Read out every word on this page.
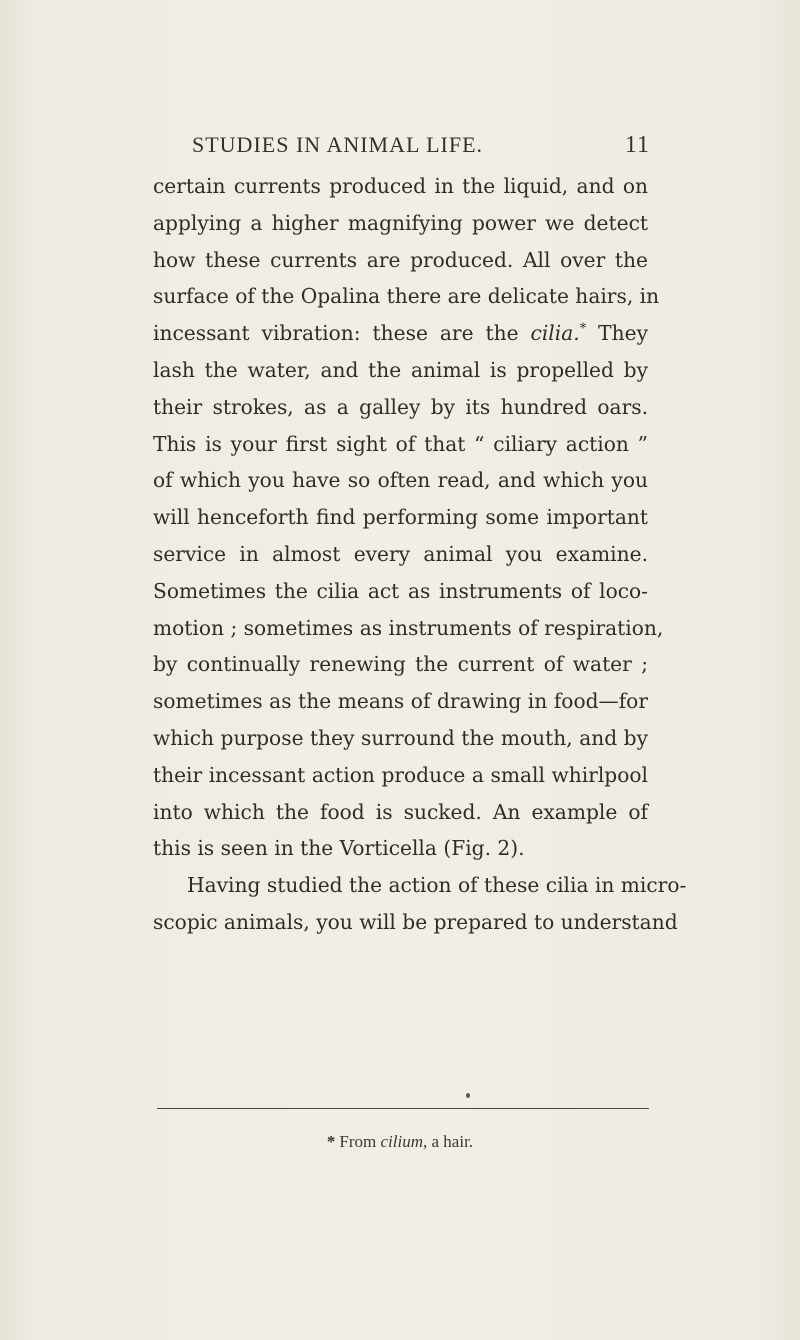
STUDIES IN ANIMAL LIFE.	11
certain currents produced in the liquid, and on
applying a higher magnifying power we detect
how these currents are produced. All over the
surface of the Opalina there are delicate hairs, in
incessant vibration: these are the cilia.* They
lash the water, and the animal is propelled by
their strokes, as a galley by its hundred oars.
This is your first sight of that “ ciliary action ”
of which you have so often read, and which you
will henceforth find performing some important
service in almost every animal you examine.
Sometimes the cilia act as instruments of loco-
motion ; sometimes as instruments of respiration,
by continually renewing the current of water ;
sometimes as the means of drawing in food—for
which purpose they surround the mouth, and by
their incessant action produce a small whirlpool
into which the food is sucked. An example of
this is seen in the Vorticella (Fig. 2).
Having studied the action of these cilia in micro-
scopic animals, you will be prepared to understand
* From cilium, a hair.
